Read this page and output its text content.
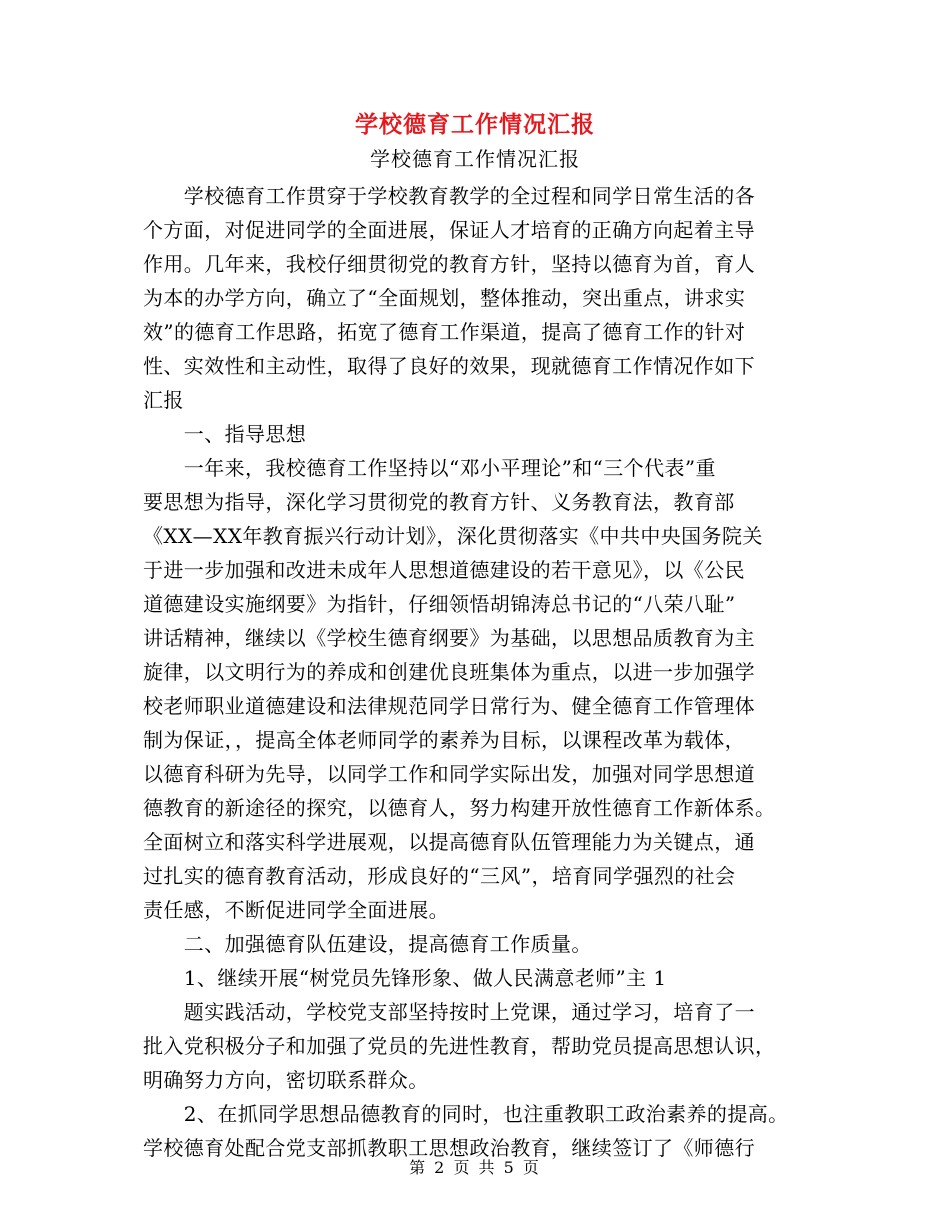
学校德育工作情况汇报
学校德育工作情况汇报
　　学校德育工作贯穿于学校教育教学的全过程和同学日常生活的各
个方面，对促进同学的全面进展，保证人才培育的正确方向起着主导
作用。几年来，我校仔细贯彻党的教育方针，坚持以德育为首，育人
为本的办学方向，确立了“全面规划，整体推动，突出重点，讲求实
效”的德育工作思路，拓宽了德育工作渠道，提高了德育工作的针对
性、实效性和主动性，取得了良好的效果，现就德育工作情况作如下
汇报
　　一、指导思想
　　一年来，我校德育工作坚持以“邓小平理论”和“三个代表”重
要思想为指导，深化学习贯彻党的教育方针、义务教育法，教育部
《XX—XX年教育振兴行动计划》，深化贯彻落实《中共中央国务院关
于进一步加强和改进未成年人思想道德建设的若干意见》，以《公民
道德建设实施纲要》为指针，仔细领悟胡锦涛总书记的“八荣八耻”
讲话精神，继续以《学校生德育纲要》为基础，以思想品质教育为主
旋律，以文明行为的养成和创建优良班集体为重点，以进一步加强学
校老师职业道德建设和法律规范同学日常行为、健全德育工作管理体
制为保证，，提高全体老师同学的素养为目标，以课程改革为载体，
以德育科研为先导，以同学工作和同学实际出发，加强对同学思想道
德教育的新途径的探究，以德育人，努力构建开放性德育工作新体系。
全面树立和落实科学进展观，以提高德育队伍管理能力为关键点，通
过扎实的德育教育活动，形成良好的“三风”，培育同学强烈的社会
责任感，不断促进同学全面进展。
　　二、加强德育队伍建设，提高德育工作质量。
　　1、继续开展“树党员先锋形象、做人民满意老师”主 1
　　题实践活动，学校党支部坚持按时上党课，通过学习，培育了一
批入党积极分子和加强了党员的先进性教育，帮助党员提高思想认识，
明确努力方向，密切联系群众。
　　2、在抓同学思想品德教育的同时，也注重教职工政治素养的提高。
学校德育处配合党支部抓教职工思想政治教育，继续签订了《师德行
第 2 页 共 5 页
